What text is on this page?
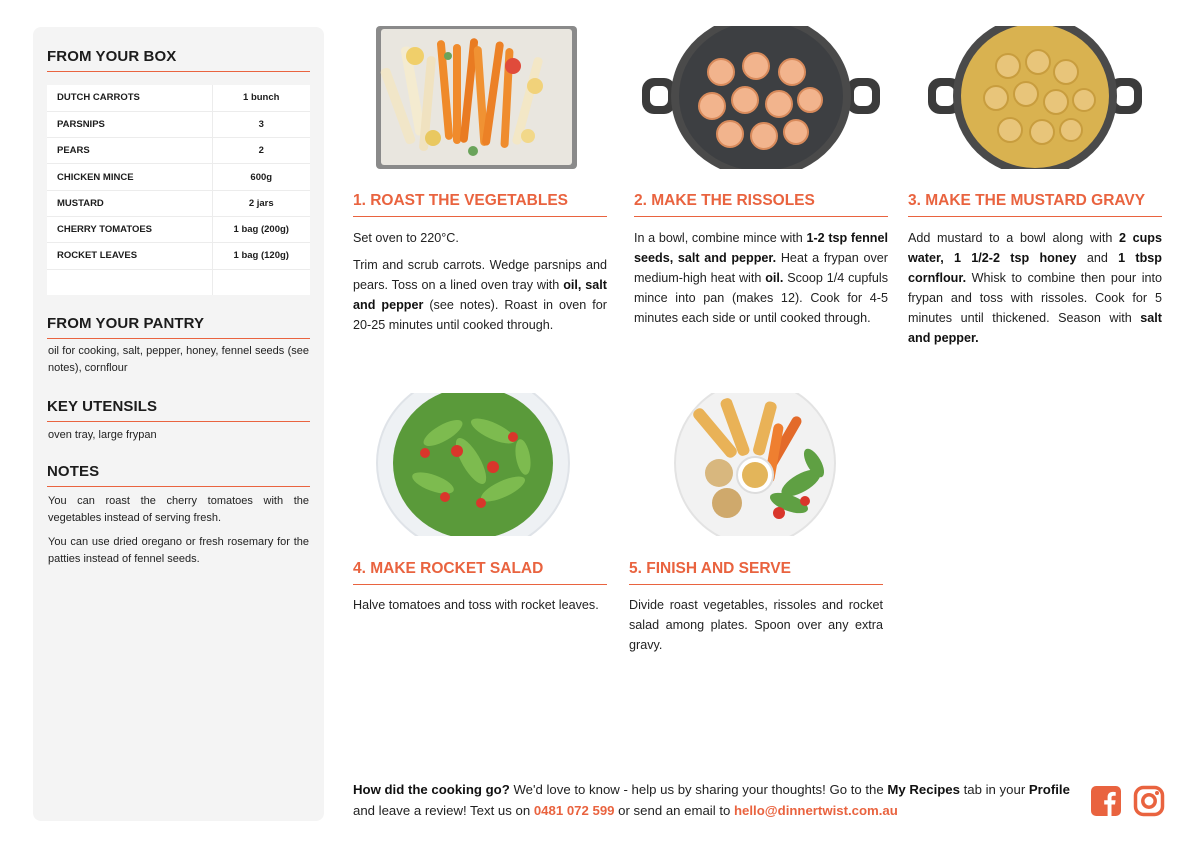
FROM YOUR BOX
DUTCH CARROTS	1 bunch
PARSNIPS	3
PEARS	2
CHICKEN MINCE	600g
MUSTARD	2 jars
CHERRY TOMATOES	1 bag (200g)
ROCKET LEAVES	1 bag (120g)

FROM YOUR PANTRY
oil for cooking, salt, pepper, honey, fennel seeds (see notes), cornflour
KEY UTENSILS
oven tray, large frypan
NOTES
You can roast the cherry tomatoes with the vegetables instead of serving fresh.
You can use dried oregano or fresh rosemary for the patties instead of fennel seeds.
1. ROAST THE VEGETABLES	2. MAKE THE RISSOLES	3. MAKE THE MUSTARD GRAVY
4. MAKE ROCKET SALAD	5. FINISH AND SERVE

Set oven to 220°C.

Trim and scrub carrots. Wedge parsnips and pears. Toss on a lined oven tray with oil, salt and pepper (see notes). Roast in oven for 20-25 minutes until cooked through.

In a bowl, combine mince with 1-2 tsp fennel seeds, salt and pepper. Heat a frypan over medium-high heat with oil. Scoop 1/4 cupfuls mince into pan (makes 12). Cook for 4-5 minutes each side or until cooked through.

Add mustard to a bowl along with 2 cups water, 1 1/2-2 tsp honey and 1 tbsp cornflour. Whisk to combine then pour into frypan and toss with rissoles. Cook for 5 minutes until thickened. Season with salt and pepper.

Halve tomatoes and toss with rocket leaves.	Divide roast vegetables, rissoles and rocket salad among plates. Spoon over any extra gravy.

How did the cooking go? We'd love to know - help us by sharing your thoughts! Go to the My Recipes tab in your Profile and leave a review! Text us on 0481 072 599 or send an email to hello@dinnertwist.com.au
